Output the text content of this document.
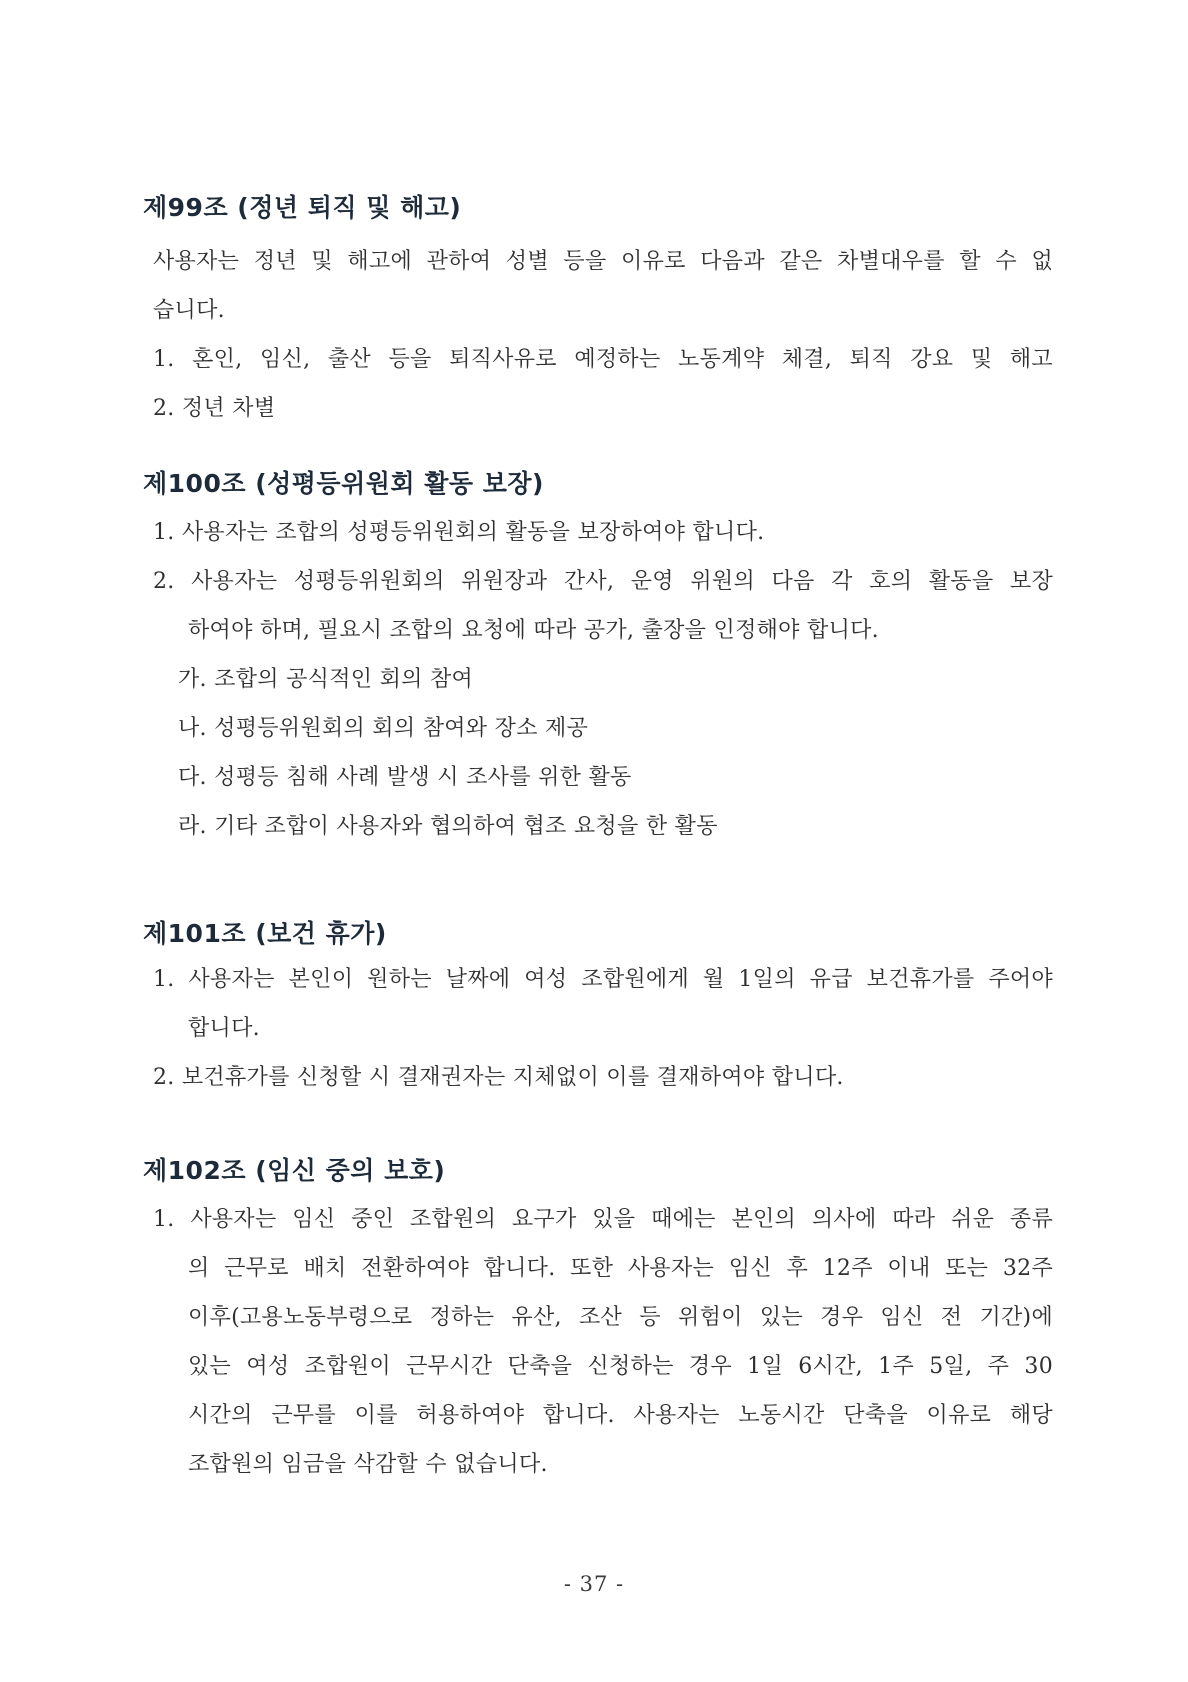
제99조 (정년 퇴직 및 해고)
사용자는 정년 및 해고에 관하여 성별 등을 이유로 다음과 같은 차별대우를 할 수 없
습니다.
1. 혼인, 임신, 출산 등을 퇴직사유로 예정하는 노동계약 체결, 퇴직 강요 및 해고
2. 정년 차별
제100조 (성평등위원회 활동 보장)
1. 사용자는 조합의 성평등위원회의 활동을 보장하여야 합니다.
2. 사용자는 성평등위원회의 위원장과 간사, 운영 위원의 다음 각 호의 활동을 보장
하여야 하며, 필요시 조합의 요청에 따라 공가, 출장을 인정해야 합니다.
가. 조합의 공식적인 회의 참여
나. 성평등위원회의 회의 참여와 장소 제공
다. 성평등 침해 사례 발생 시 조사를 위한 활동
라. 기타 조합이 사용자와 협의하여 협조 요청을 한 활동
제101조 (보건 휴가)
1. 사용자는 본인이 원하는 날짜에 여성 조합원에게 월 1일의 유급 보건휴가를 주어야
합니다.
2. 보건휴가를 신청할 시 결재권자는 지체없이 이를 결재하여야 합니다.
제102조 (임신 중의 보호)
1. 사용자는 임신 중인 조합원의 요구가 있을 때에는 본인의 의사에 따라 쉬운 종류
의 근무로 배치 전환하여야 합니다. 또한 사용자는 임신 후 12주 이내 또는 32주
이후(고용노동부령으로 정하는 유산, 조산 등 위험이 있는 경우 임신 전 기간)에
있는 여성 조합원이 근무시간 단축을 신청하는 경우 1일 6시간, 1주 5일, 주 30
시간의 근무를 이를 허용하여야 합니다. 사용자는 노동시간 단축을 이유로 해당
조합원의 임금을 삭감할 수 없습니다.
- 37 -
